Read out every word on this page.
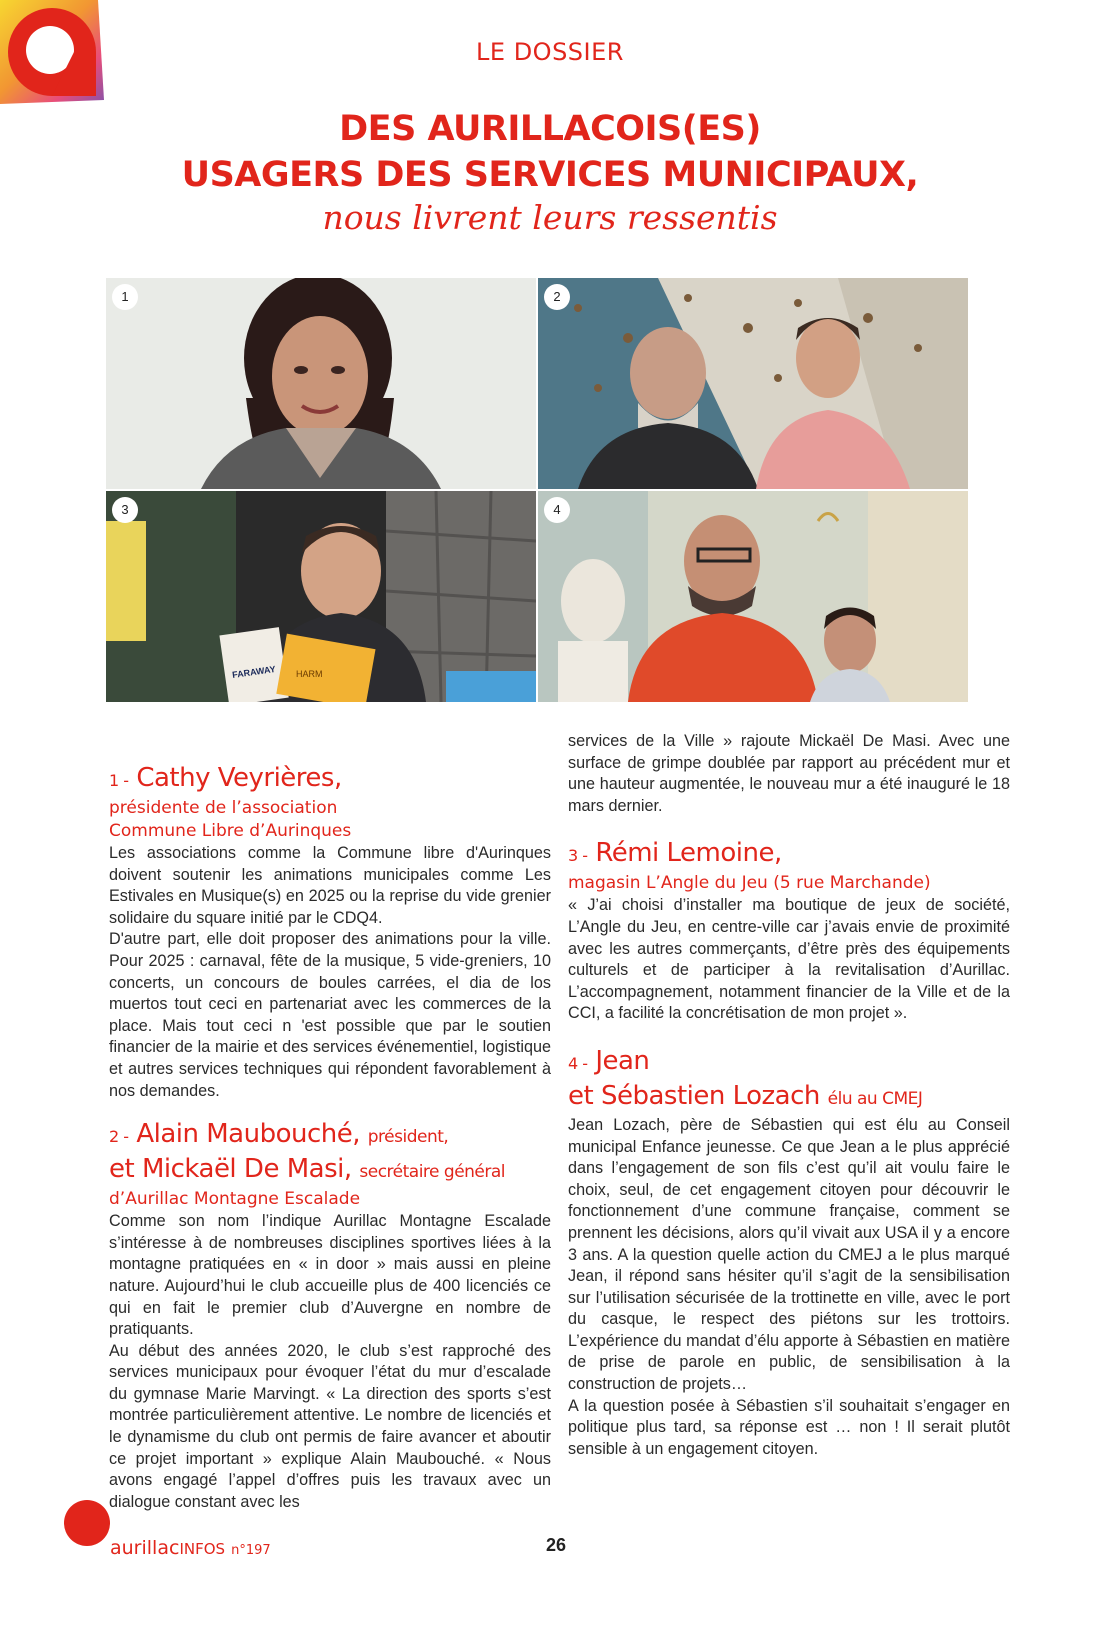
LE DOSSIER
DES AURILLACOIS(ES)
USAGERS DES SERVICES MUNICIPAUX,
nous livrent leurs ressentis
1	2
3
HARM
FARAWAY
4
1 - Cathy Veyrières,
présidente de l’association
Commune Libre d’Aurinques

Les associations comme la Commune libre d'Aurinques doivent soutenir les animations municipales comme Les Estivales en Musique(s) en 2025 ou la reprise du vide grenier solidaire du square initié par le CDQ4.

D'autre part, elle doit proposer des animations pour la ville. Pour 2025 : carnaval, fête de la musique, 5 vide-greniers, 10 concerts, un concours de boules carrées, el dia de los muertos tout ceci en partenariat avec les commerces de la place. Mais tout ceci n 'est possible que par le soutien financier de la mairie et des services événementiel, logistique et autres services techniques qui répondent favorablement à nos demandes.

2 - Alain Maubouché, président,
et Mickaël De Masi, secrétaire général
d’Aurillac Montagne Escalade

Comme son nom l’indique Aurillac Montagne Escalade s’intéresse à de nombreuses disciplines sportives liées à la montagne pratiquées en « in door » mais aussi en pleine nature. Aujourd’hui le club accueille plus de 400 licenciés ce qui en fait le premier club d’Auvergne en nombre de pratiquants.

Au début des années 2020, le club s’est rapproché des services municipaux pour évoquer l’état du mur d’escalade du gymnase Marie Marvingt. « La direction des sports s’est montrée particulièrement attentive. Le nombre de licenciés et le dynamisme du club ont permis de faire avancer et aboutir ce projet important » explique Alain Maubouché. « Nous avons engagé l’appel d’offres puis les travaux avec un dialogue constant avec les

services de la Ville » rajoute Mickaël De Masi. Avec une surface de grimpe doublée par rapport au précédent mur et une hauteur augmentée, le nouveau mur a été inauguré le 18 mars dernier.

3 - Rémi Lemoine,
magasin L’Angle du Jeu (5 rue Marchande)

« J’ai choisi d’installer ma boutique de jeux de société, L’Angle du Jeu, en centre-ville car j’avais envie de proximité avec les autres commerçants, d’être près des équipements culturels et de participer à la revitalisation d’Aurillac. L’accompagnement, notamment financier de la Ville et de la CCI, a facilité la concrétisation de mon projet ».

4 - Jean
et Sébastien Lozach élu au CMEJ

Jean Lozach, père de Sébastien qui est élu au Conseil municipal Enfance jeunesse. Ce que Jean a le plus apprécié dans l’engagement de son fils c’est qu’il ait voulu faire le choix, seul, de cet engagement citoyen pour découvrir le fonctionnement d’une commune française, comment se prennent les décisions, alors qu’il vivait aux USA il y a encore 3 ans. A la question quelle action du CMEJ a le plus marqué Jean, il répond sans hésiter qu’il s’agit de la sensibilisation sur l’utilisation sécurisée de la trottinette en ville, avec le port du casque, le respect des piétons sur les trottoirs. L’expérience du mandat d’élu apporte à Sébastien en matière de prise de parole en public, de sensibilisation à la construction de projets…

A la question posée à Sébastien s’il souhaitait s’engager en politique plus tard, sa réponse est … non ! Il serait plutôt sensible à un engagement citoyen.

aurillacINFOS n°197	26
